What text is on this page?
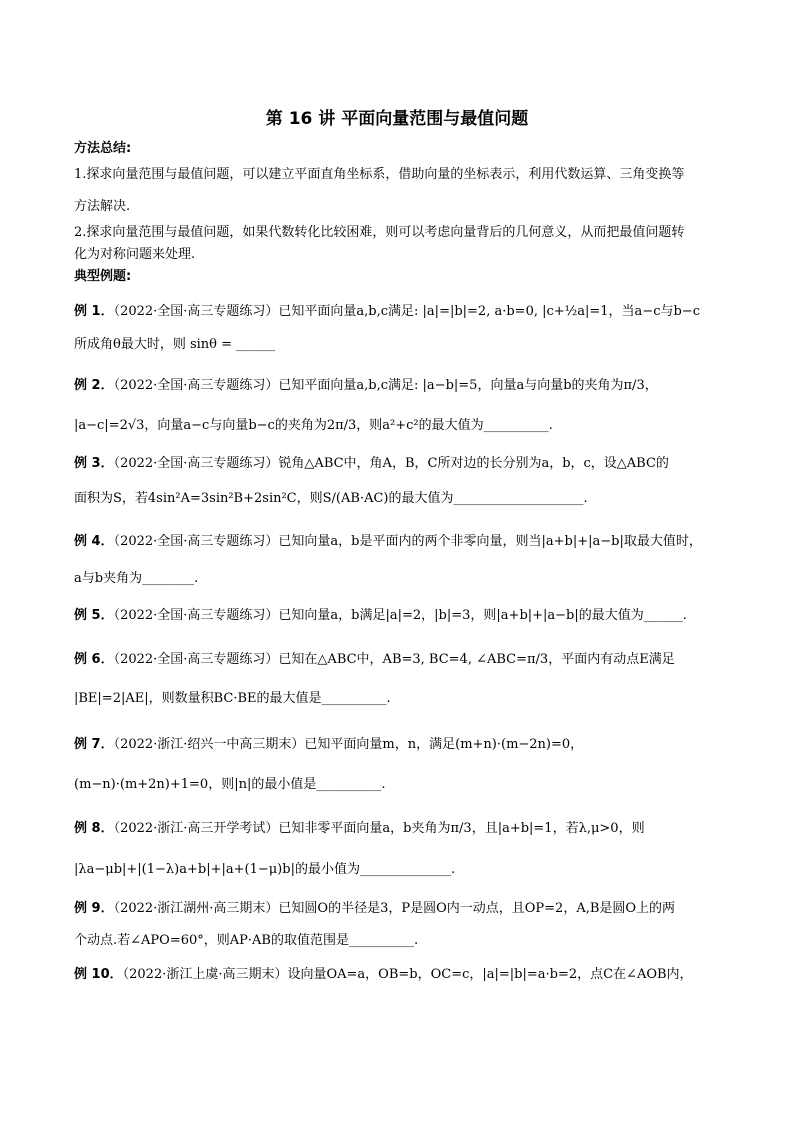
第 16 讲 平面向量范围与最值问题
方法总结:
1.探求向量范围与最值问题，可以建立平面直角坐标系，借助向量的坐标表示，利用代数运算、三角变换等
方法解决.
2.探求向量范围与最值问题，如果代数转化比较困难，则可以考虑向量背后的几何意义，从而把最值问题转
化为对称问题来处理.
典型例题:
例 1．（2022·全国·高三专题练习）已知平面向量a,b,c满足: |a|=|b|=2, a·b=0, |c+½a|=1，当a−c与b−c
所成角θ最大时，则 sinθ = ______
例 2．（2022·全国·高三专题练习）已知平面向量a,b,c满足: |a−b|=5，向量a与向量b的夹角为π/3，
|a−c|=2√3，向量a−c与向量b−c的夹角为2π/3，则a²+c²的最大值为__________.
例 3．（2022·全国·高三专题练习）锐角△ABC中，角A，B，C所对边的长分别为a，b，c，设△ABC的
面积为S，若4sin²A=3sin²B+2sin²C，则S/(AB·AC)的最大值为____________________.
例 4．（2022·全国·高三专题练习）已知向量a，b是平面内的两个非零向量，则当|a+b|+|a−b|取最大值时，
a与b夹角为________.
例 5．（2022·全国·高三专题练习）已知向量a，b满足|a|=2，|b|=3，则|a+b|+|a−b|的最大值为______.
例 6．（2022·全国·高三专题练习）已知在△ABC中，AB=3, BC=4, ∠ABC=π/3，平面内有动点E满足
|BE|=2|AE|，则数量积BC·BE的最大值是__________.
例 7．（2022·浙江·绍兴一中高三期末）已知平面向量m，n，满足(m+n)·(m−2n)=0，
(m−n)·(m+2n)+1=0，则|n|的最小值是__________.
例 8．（2022·浙江·高三开学考试）已知非零平面向量a，b夹角为π/3，且|a+b|=1，若λ,μ>0，则
|λa−μb|+|(1−λ)a+b|+|a+(1−μ)b|的最小值为______________.
例 9．（2022·浙江湖州·高三期末）已知圆O的半径是3，P是圆O内一动点，且OP=2，A,B是圆O上的两
个动点.若∠APO=60°，则AP·AB的取值范围是__________.
例 10．（2022·浙江上虞·高三期末）设向量OA=a，OB=b，OC=c，|a|=|b|=a·b=2，点C在∠AOB内，
